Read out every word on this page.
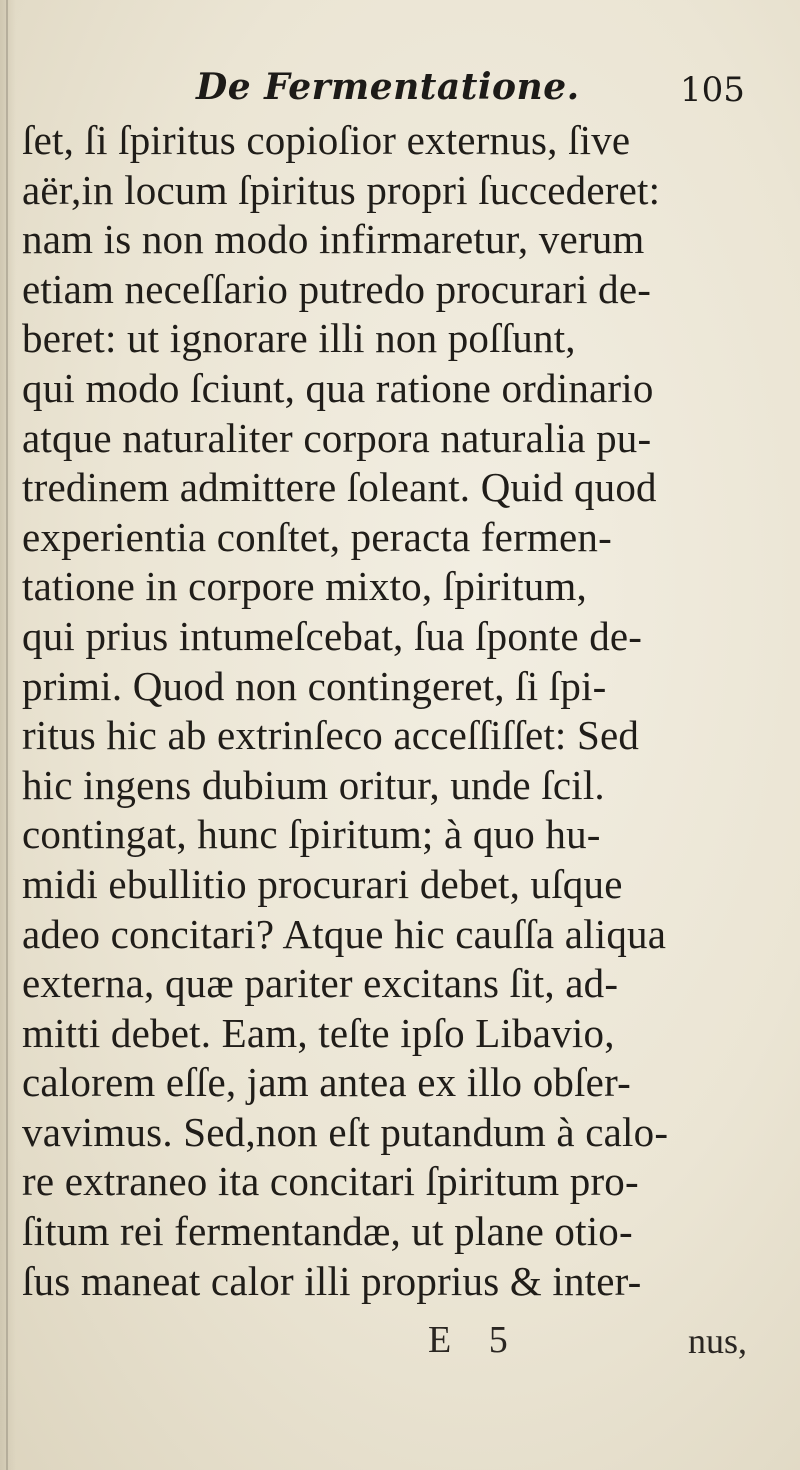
De Fermentatione.	105
ſet, ſi ſpiritus copioſior externus, ſive
aër,in locum ſpiritus propri ſuccederet:
nam is non modo infirmaretur, verum
etiam neceſſario putredo procurari de-
beret: ut ignorare illi non poſſunt,
qui modo ſciunt, qua ratione ordinario
atque naturaliter corpora naturalia pu-
tredinem admittere ſoleant. Quid quod
experientia conſtet, peracta fermen-
tatione in corpore mixto, ſpiritum,
qui prius intumeſcebat, ſua ſponte de-
primi. Quod non contingeret, ſi ſpi-
ritus hic ab extrinſeco acceſſiſſet: Sed
hic ingens dubium oritur, unde ſcil.
contingat, hunc ſpiritum; à quo hu-
midi ebullitio procurari debet, uſque
adeo concitari? Atque hic cauſſa aliqua
externa, quæ pariter excitans ſit, ad-
mitti debet. Eam, teſte ipſo Libavio,
calorem eſſe, jam antea ex illo obſer-
vavimus. Sed,non eſt putandum à calo-
re extraneo ita concitari ſpiritum pro-
ſitum rei fermentandæ, ut plane otio-
ſus maneat calor illi proprius & inter-
E 5	nus,
